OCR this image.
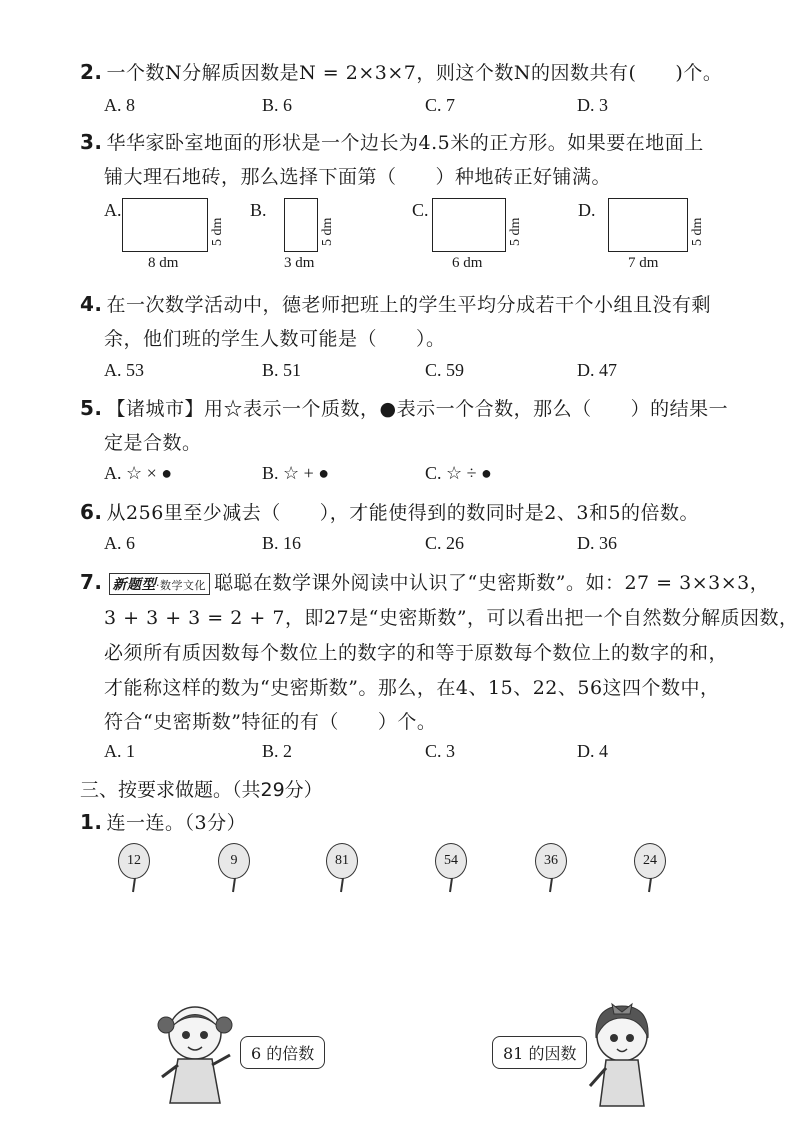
2. 一个数N分解质因数是N = 2×3×7，则这个数N的因数共有(　　)个。
A. 8	B. 6	C. 7	D. 3
3. 华华家卧室地面的形状是一个边长为4.5米的正方形。如果要在地面上
铺大理石地砖，那么选择下面第（　　）种地砖正好铺满。
A.
5 dm
8 dm
B.
5 dm
3 dm
C.
5 dm
6 dm
D.
5 dm
7 dm
4. 在一次数学活动中，德老师把班上的学生平均分成若干个小组且没有剩
余，他们班的学生人数可能是（　　）。
A. 53	B. 51	C. 59	D. 47
5. 【诸城市】用☆表示一个质数，●表示一个合数，那么（　　）的结果一
定是合数。
A. ☆ × ●	B. ☆ + ●	C. ☆ ÷ ●
6. 从256里至少减去（　　），才能使得到的数同时是2、3和5的倍数。
A. 6	B. 16	C. 26	D. 36
7. 新题型·数学文化 聪聪在数学课外阅读中认识了“史密斯数”。如：27 = 3×3×3，
3 + 3 + 3 = 2 + 7，即27是“史密斯数”，可以看出把一个自然数分解质因数，
必须所有质因数每个数位上的数字的和等于原数每个数位上的数字的和，
才能称这样的数为“史密斯数”。那么，在4、15、22、56这四个数中，
符合“史密斯数”特征的有（　　）个。
A. 1	B. 2	C. 3	D. 4
三、按要求做题。（共29分）
1. 连一连。（3分）
12	9	81	54	36	24
6 的倍数	81 的因数
